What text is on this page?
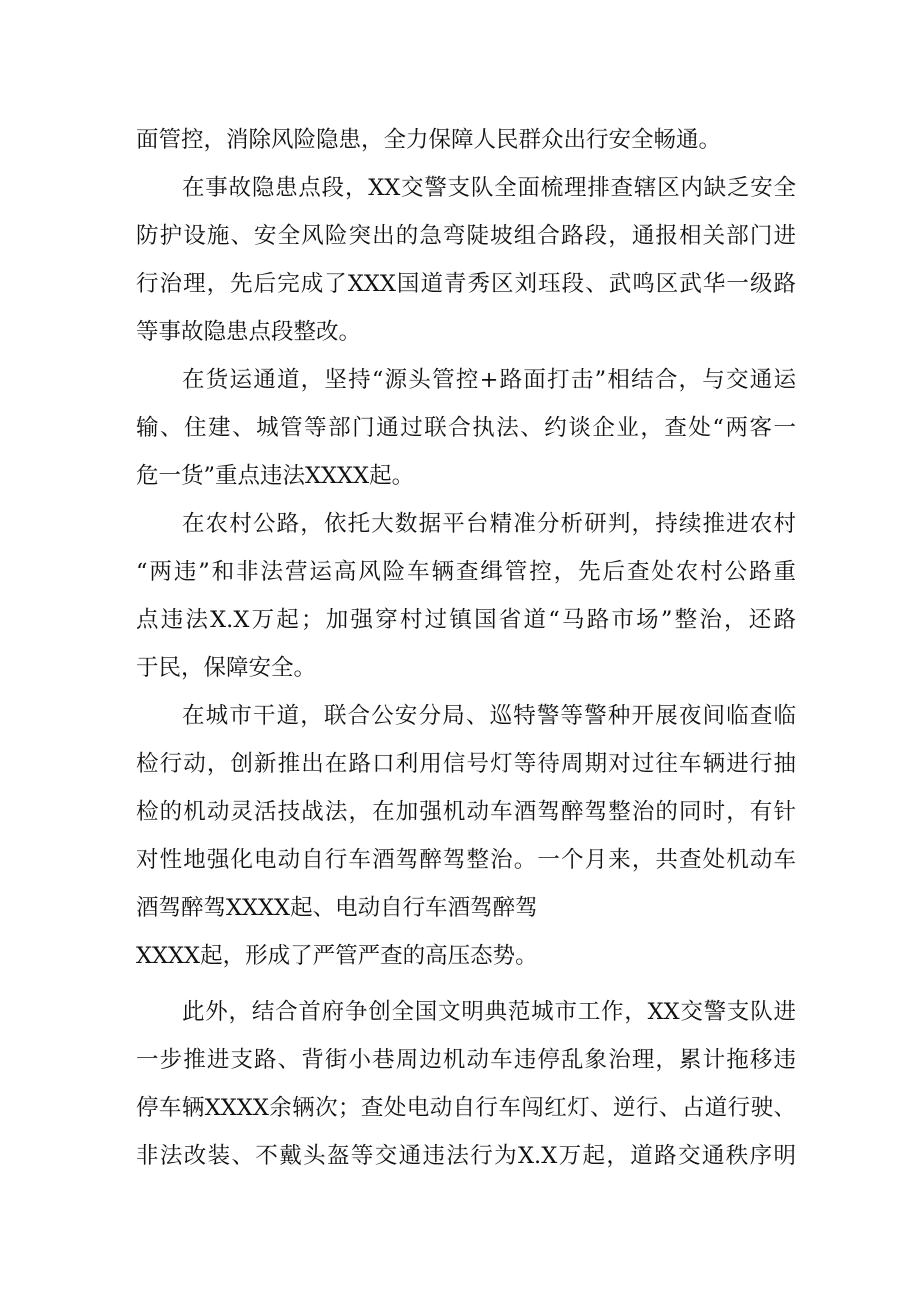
面管控，消除风险隐患，全力保障人民群众出行安全畅通。
在事故隐患点段，XX交警支队全面梳理排查辖区内缺乏安全
防护设施、安全风险突出的急弯陡坡组合路段，通报相关部门进
行治理，先后完成了XXX国道青秀区刘珏段、武鸣区武华一级路
等事故隐患点段整改。
在货运通道，坚持“源头管控+路面打击”相结合，与交通运
输、住建、城管等部门通过联合执法、约谈企业，查处“两客一
危一货”重点违法XXXX起。
在农村公路，依托大数据平台精准分析研判，持续推进农村
“两违”和非法营运高风险车辆查缉管控，先后查处农村公路重
点违法X.X万起；加强穿村过镇国省道“马路市场”整治，还路
于民，保障安全。
在城市干道，联合公安分局、巡特警等警种开展夜间临查临
检行动，创新推出在路口利用信号灯等待周期对过往车辆进行抽
检的机动灵活技战法，在加强机动车酒驾醉驾整治的同时，有针
对性地强化电动自行车酒驾醉驾整治。一个月来，共查处机动车
酒驾醉驾XXXX起、电动自行车酒驾醉驾
XXXX起，形成了严管严查的高压态势。
此外，结合首府争创全国文明典范城市工作，XX交警支队进
一步推进支路、背街小巷周边机动车违停乱象治理，累计拖移违
停车辆XXXX余辆次；查处电动自行车闯红灯、逆行、占道行驶、
非法改装、不戴头盔等交通违法行为X.X万起，道路交通秩序明
